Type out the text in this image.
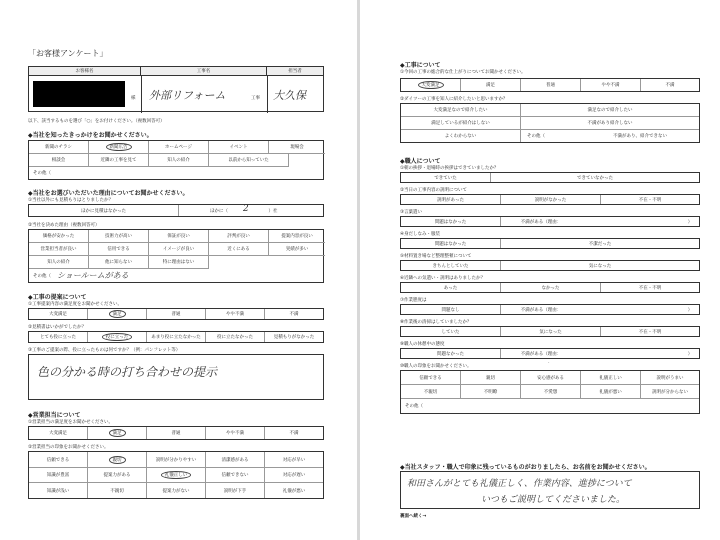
「お客様アンケート」
お客様名	工事名	担当者
様 外部リフォーム	工事 大久保
以下、該当するものを選び「○」をお付けください。（複数回答可）
◆当社を知ったきっかけをお聞かせください。
新聞のチラシ	新聞広告	ホームページ	イベント	現場会
相談会	近隣の工事を見て	知人の紹介	以前から知っていた
その他（
◆当社をお選びいただいた理由についてお聞かせください。
①当社以外にも見積もりはとりましたか？
ほかに見積はなかった	ほかに（	2	）社
②当社を決めた理由（複数回答可）
価格が安かった	技術力が高い	保証が良い	評判が良い	提案内容が良い
営業担当者が良い	信用できる	イメージが良い	近くにある	実績が多い
知人の紹介	他に知らない	特に理由はない
その他（ ショールームがある
◆工事の提案について
①工事提案内容の満足度をお聞かせください。
大変満足	満足	普通	やや不満	不満
②見積書はいかがでしたか？
とても役に立った	役に立った	あまり役に立たなかった	役に立たなかった	見積もりがなかった
③工事のご提案の際、役に立ったものは何ですか？（例：パンフレット等）
色の分かる時の打ち合わせの提示
◆営業担当について
①営業担当の満足度をお聞かせください。
大変満足	満足	普通	やや不満	不満
②営業担当の印象をお聞かせください。
信頼できる	親切	説明が分かりやすい	清潔感がある	対応が早い
知識が豊富	提案力がある	礼儀正しい	信頼できない	対応が遅い
知識が浅い	不親切	提案力がない	説明が下手	礼儀が悪い
◆工事について
①今回の工事の総合的な仕上がりについてお聞かせください。
大変満足	満足	普通	やや不満	不満
②ダイツーの工事を知人に紹介したいと思いますか？
大変満足なので紹介したい	満足なので紹介したい
満足しているが紹介はしない	不満があり紹介しない
よくわからない	その他（	不満があり、紹介できない
◆職人について
①朝の挨拶・退場時の挨拶はできていましたか？
できていた	できていなかった
②当日の工事内容の説明について
説明があった	説明がなかった	不在・不明
③言葉遣い
問題はなかった	不満がある（理由：	）
④身だしなみ・服装
問題はなかった	不潔だった
⑤材料置き場など整理整頓について
きちんとしていた	気になった
⑥近隣への気遣い・説明はありましたか？
あった	なかった	不在・不明
⑦作業態度は
問題なし	不満がある（理由：	）
⑧作業後の清掃はしていましたか？
していた	気になった	不在・不明
⑨職人の休憩中の態度
問題なかった	不満がある（理由：	）
⑩職人の印象をお聞かせください。
信頼できる	親切	安心感がある	礼儀正しい	説明がうまい
不親切	不明瞭	不愛想	礼儀が悪い	説明が分からない
その他（
·
◆当社スタッフ・職人で印象に残っているものがおりましたら、お名前をお聞かせください。
和田さんがとても礼儀正しく、作業内容、進捗について
いつもご説明してくださいました。
裏面へ続く→
